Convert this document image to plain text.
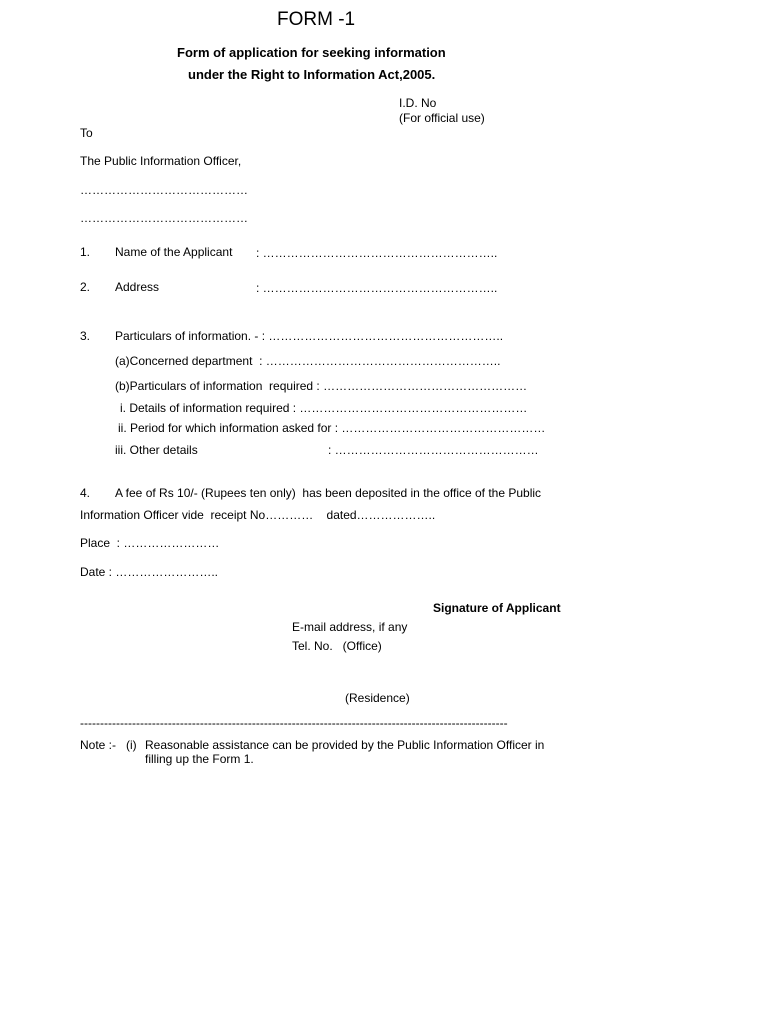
FORM -1
Form of application for seeking information
under the Right to Information Act,2005.
I.D. No
(For official use)
To
The Public Information Officer,
……………………………………
……………………………………
1. Name of the Applicant : …………………………………………………..
2. Address	: …………………………………………………..
3. Particulars of information. - : …………………………………………………..
(a)Concerned department  : …………………………………………………..
(b)Particulars of information  required : ……………………………………………
i. Details of information required : …………………………………………………
ii. Period for which information asked for : ……………………………………………
iii. Other details	: ……………………………………………
4. A fee of Rs 10/- (Rupees ten only)  has been deposited in the office of the Public
Information Officer vide  receipt No…………    dated………………..
Place  : ……………………
Date : ……………………..
Signature of Applicant
E-mail address, if any
Tel. No.   (Office)
(Residence)
-----------------------------------------------------------------------------------------------------------
Note :-   (i) Reasonable assistance can be provided by the Public Information Officer in
filling up the Form 1.
